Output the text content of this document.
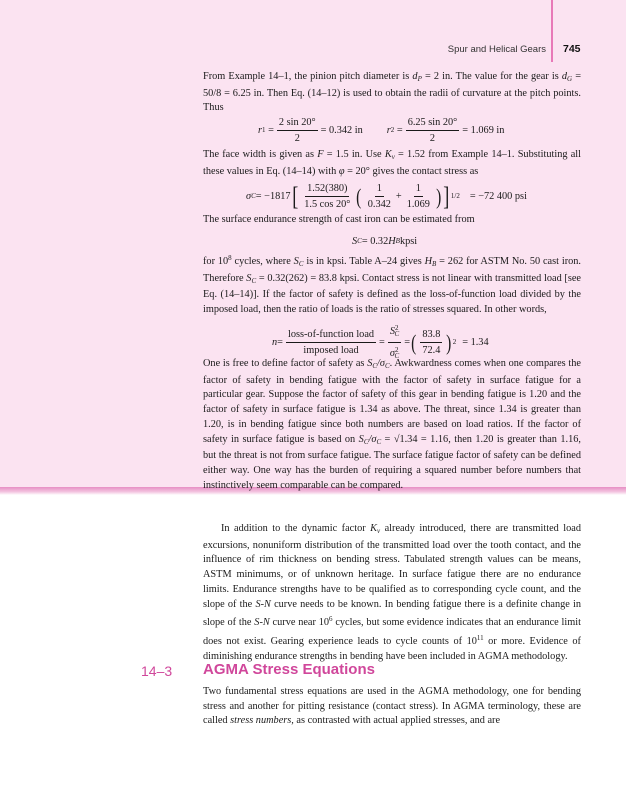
Spur and Helical Gears 745

From Example 14–1, the pinion pitch diameter is $d_P = 2$ in. The value for the gear is $d_G = 50/8 = 6.25$ in. Then Eq. (14–12) is used to obtain the radii of curvature at the pitch points. Thus

r $1 = \frac{2 \sin 20^\circ}{2} = 0.342$ in r $2 = \frac{6.25 \sin 20^\circ}{2} = 1.069$ in

The face width is given as F = 1.5 in. Use $K_v = 1.52$ from Example 14–1. Substituting all these values in Eq. (14–14) with φ = 20° gives the contact stress as

σ C = −1817 [ $\frac{1.52(380)}{1.5 \cos 20^\circ}$ ( $\frac{1}{0.342} + \frac{1}{1.069}$ ) ] 1/2 = −72 400 psi

The surface endurance strength of cast iron can be estimated from

S C = 0.32 H B kpsi

for $10^8$ cycles, where $S_C$ is in kpsi. Table A–24 gives $H_B = 262$ for ASTM No. 50 cast iron. Therefore $S_C = 0.32(262) = 83.8$ kpsi. Contact stress is not linear with transmitted load [see Eq. (14–14)]. If the factor of safety is defined as the loss-of-function load divided by the imposed load, then the ratio of loads is the ratio of stresses squared. In other words,

$n = \frac{\text{loss-of-function load}}{\text{imposed load}} = \frac{S^2_C}{\sigma^2_C}$ = ( $\frac{83.8}{72.4}$ ) 2 = 1.34

One is free to define factor of safety as $S_C/\sigma_C$. Awkwardness comes when one compares the factor of safety in bending fatigue with the factor of safety in surface fatigue for a particular gear. Suppose the factor of safety of this gear in bending fatigue is 1.20 and the factor of safety in surface fatigue is 1.34 as above. The threat, since 1.34 is greater than 1.20, is in bending fatigue since both numbers are based on load ratios. If the factor of safety in surface fatigue is based on $S_C/\sigma_C = √1.34 = 1.16$, then 1.20 is greater than 1.16, but the threat is not from surface fatigue. The surface fatigue factor of safety can be defined either way. One way has the burden of requiring a squared number before numbers that instinctively seem comparable can be compared.

In addition to the dynamic factor $K_v$ already introduced, there are transmitted load excursions, nonuniform distribution of the transmitted load over the tooth contact, and the influence of rim thickness on bending stress. Tabulated strength values can be means, ASTM minimums, or of unknown heritage. In surface fatigue there are no endurance limits. Endurance strengths have to be qualified as to corresponding cycle count, and the slope of the S-N curve needs to be known. In bending fatigue there is a definite change in slope of the S-N curve near $10^6$ cycles, but some evidence indicates that an endurance limit does not exist. Gearing experience leads to cycle counts of $10^{11}$ or more. Evidence of diminishing endurance strengths in bending have been included in AGMA methodology.

14–3 AGMA Stress Equations

Two fundamental stress equations are used in the AGMA methodology, one for bending stress and another for pitting resistance (contact stress). In AGMA terminology, these are called stress numbers, as contrasted with actual applied stresses, and are
